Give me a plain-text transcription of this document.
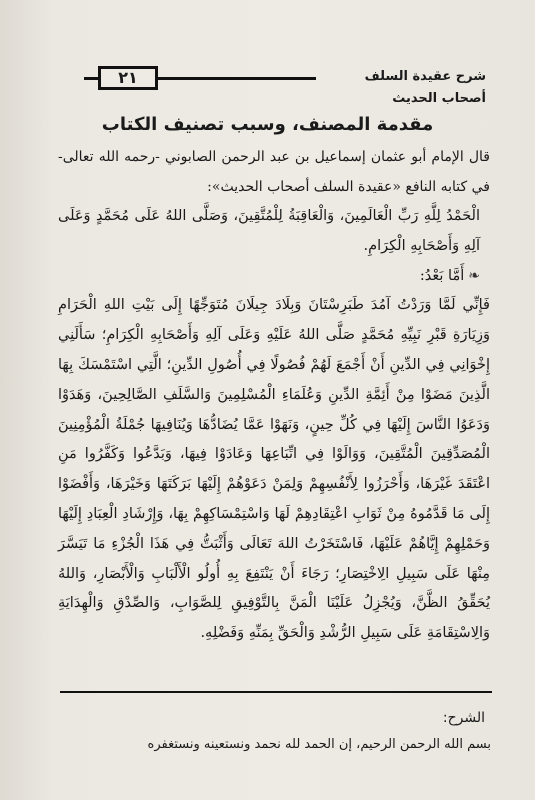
٢١	شرح عقيدة السلف أصحاب الحديث
مقدمة المصنف، وسبب تصنيف الكتاب
قال الإمام أبو عثمان إسماعيل بن عبد الرحمن الصابوني -رحمه الله تعالى- في كتابه النافع «عقيدة السلف أصحاب الحديث»:

الْحَمْدُ لِلَّهِ رَبِّ الْعَالَمِينَ، وَالْعَاقِبَةُ لِلْمُتَّقِينَ، وَصَلَّى اللهُ عَلَى مُحَمَّدٍ وَعَلَى آلِهِ وَأَصْحَابِهِ الْكِرَامِ.

❧أَمَّا بَعْدُ:

فَإِنِّي لَمَّا وَرَدْتُ آمُدَ طَبَرِسْتَانَ وَبِلَادَ جِيلَانَ مُتَوَجِّهًا إِلَى بَيْتِ اللهِ الْحَرَامِ وَزِيَارَةِ قَبْرِ نَبِيِّهِ مُحَمَّدٍ صَلَّى اللهُ عَلَيْهِ وَعَلَى آلِهِ وَأَصْحَابِهِ الْكِرَامِ؛ سَأَلَنِي إِخْوَانِي فِي الدِّينِ أَنْ أَجْمَعَ لَهُمْ فُصُولًا فِي أُصُولِ الدِّينِ؛ الَّتِي اسْتَمْسَكَ بِهَا الَّذِينَ مَضَوْا مِنْ أَئِمَّةِ الدِّينِ وَعُلَمَاءِ الْمُسْلِمِينَ وَالسَّلَفِ الصَّالِحِينَ، وَهَدَوْا وَدَعَوُا النَّاسَ إِلَيْهَا فِي كُلِّ حِينٍ، وَنَهَوْا عَمَّا يُضَادُّهَا وَيُنَافِيهَا جُمْلَةُ الْمُؤْمِنِينَ الْمُصَدِّقِينَ الْمُتَّقِينَ، وَوَالَوْا فِي اتِّبَاعِهَا وَعَادَوْا فِيهَا، وَبَدَّعُوا وَكَفَّرُوا مَنِ اعْتَقَدَ غَيْرَهَا، وَأَحْرَزُوا لِأَنْفُسِهِمْ وَلِمَنْ دَعَوْهُمْ إِلَيْهَا بَرَكَتَهَا وَخَيْرَهَا، وَأَفْضَوْا إِلَى مَا قَدَّمُوهُ مِنْ ثَوَابِ اعْتِقَادِهِمْ لَهَا وَاسْتِمْسَاكِهِمْ بِهَا، وَإِرْشَادِ الْعِبَادِ إِلَيْهَا وَحَمْلِهِمْ إِيَّاهُمْ عَلَيْهَا، فَاسْتَخَرْتُ اللهَ تَعَالَى وَأَثْبَتُّ فِي هَذَا الْجُزْءِ مَا تَيَسَّرَ مِنْهَا عَلَى سَبِيلِ الِاخْتِصَارِ؛ رَجَاءَ أَنْ يَنْتَفِعَ بِهِ أُولُو الْأَلْبَابِ وَالْأَبْصَارِ، وَاللهُ يُحَقِّقُ الظَّنَّ، وَيُجْزِلُ عَلَيْنَا الْمَنَّ بِالتَّوْفِيقِ لِلصَّوَابِ، وَالصِّدْقِ وَالْهِدَايَةِ وَالِاسْتِقَامَةِ عَلَى سَبِيلِ الرُّشْدِ وَالْحَقِّ بِمَنِّهِ وَفَضْلِهِ.

الشرح:
بسم الله الرحمن الرحيم، إن الحمد لله نحمد ونستعينه ونستغفره
